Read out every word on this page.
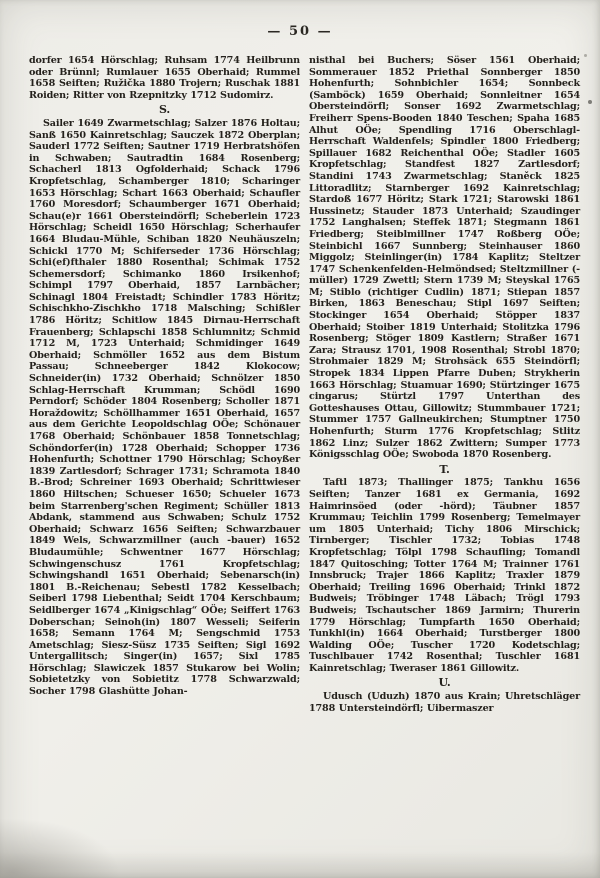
— 50 —

dorfer 1654 Hörschlag; Ruhsam 1774 Heilbrunn oder Brünnl; Rumlauer 1655 Oberhaid; Rummel 1658 Seiften; Ružička 1880 Trojern; Ruschak 1881 Roiden; Ritter von Rzepnitzky 1712 Sudomirz.

S.

Sailer 1649 Zwarmetschlag; Salzer 1876 Holtau; Sanß 1650 Kainretschlag; Sauczek 1872 Oberplan; Sauderl 1772 Seiften; Sautner 1719 Herbratshöfen in Schwaben; Sautradtin 1684 Rosenberg; Schacherl 1813 Ogfolderhaid; Schack 1796 Kropfetschlag, Schamberger 1810; Scharinger 1653 Hörschlag; Schart 1663 Oberhaid; Schaufler 1760 Moresdorf; Schaumberger 1671 Oberhaid; Schau(e)r 1661 Obersteindörfl; Scheberlein 1723 Hörschlag; Scheidl 1650 Hörschlag; Scherhaufer 1664 Bludau-Mühle, Schiban 1820 Neuhäuszeln; Schickl 1770 M; Schiferseder 1736 Hörschlag; Schi(ef)fthaler 1880 Rosenthal; Schimak 1752 Schemersdorf; Schimanko 1860 Irsikenhof; Schimpl 1797 Oberhaid, 1857 Larnbächer; Schinagl 1804 Freistadt; Schindler 1783 Höritz; Schischkho-Zischkho 1718 Malsching; Schißler 1786 Höritz; Schitlow 1845 Dirnau-Herrschaft Frauenberg; Schlapschi 1858 Schlumnitz; Schmid 1712 M, 1723 Unterhaid; Schmidinger 1649 Oberhaid; Schmöller 1652 aus dem Bistum Passau; Schneeberger 1842 Klokocow; Schneider(in) 1732 Oberhaid; Schnölzer 1850 Schlag-Herrschaft Krumman; Schödl 1690 Perndorf; Schöder 1804 Rosenberg; Scholler 1871 Horaždowitz; Schöllhammer 1651 Oberhaid, 1657 aus dem Gerichte Leopoldschlag OÖe; Schönauer 1768 Oberhaid; Schönbauer 1858 Tonnetschlag; Schöndorfer(in) 1728 Oberhaid; Schopper 1736 Hohenfurth; Schottner 1790 Hörschlag; Schoyßer 1839 Zartlesdorf; Schrager 1731; Schramota 1840 B.-Brod; Schreiner 1693 Oberhaid; Schrittwieser 1860 Hiltschen; Schueser 1650; Schueler 1673 beim Starrenberg'schen Regiment; Schüller 1813 Abdank, stammend aus Schwaben; Schulz 1752 Oberhaid; Schwarz 1656 Seiften; Schwarzbauer 1849 Wels, Schwarzmillner (auch -bauer) 1652 Bludaumühle; Schwentner 1677 Hörschlag; Schwingenschusz 1761 Kropfetschlag; Schwingshandl 1651 Oberhaid; Sebenarsch(in) 1801 B.-Reichenau; Sebestl 1782 Kesselbach; Seiberl 1798 Liebenthal; Seidt 1704 Kerschbaum; Seidlberger 1674 „Kinigschlag“ OÖe; Seiffert 1763 Doberschan; Seinoh(in) 1807 Wesseli; Seiferin 1658; Semann 1764 M; Sengschmid 1753 Ametschlag; Siesz-Süsz 1735 Seiften; Sigl 1692 Untergallitsch; Singer(in) 1657; Sixl 1785 Hörschlag; Slawiczek 1857 Stukarow bei Wolin; Sobietetzky von Sobietitz 1778 Schwarzwald; Socher 1798 Glashütte Johan-

nisthal bei Buchers; Söser 1561 Oberhaid; Sommerauer 1852 Priethal Sonnberger 1850 Hohenfurth; Sohnbichler 1654; Sonnbeck (Samböck) 1659 Oberhaid; Sonnleitner 1654 Obersteindörfl; Sonser 1692 Zwarmetschlag; Freiherr Spens-Booden 1840 Teschen; Spaha 1685 Alhut OÖe; Spendling 1716 Oberschlagl-Herrschaft Waldenfels; Spindler 1800 Friedberg; Spillauer 1682 Reichenthal OÖe; Stadler 1605 Kropfetschlag; Standfest 1827 Zartlesdorf; Standini 1743 Zwarmetschlag; Staněck 1825 Littoradlitz; Starnberger 1692 Kainretschlag; Stardoß 1677 Höritz; Stark 1721; Starowski 1861 Hussinetz; Stauder 1873 Unterhaid; Szaudinger 1752 Langhalsen; Steffek 1871; Stegmann 1861 Friedberg; Steiblmillner 1747 Roßberg OÖe; Steinbichl 1667 Sunnberg; Steinhauser 1860 Miggolz; Steinlinger(in) 1784 Kaplitz; Steltzer 1747 Schenkenfelden-Helmöndsed; Steltzmillner (-müller) 1729 Zwettl; Stern 1739 M; Steyskal 1765 M; Stiblo (richtiger Cudlin) 1871; Stiepan 1857 Birken, 1863 Beneschau; Stipl 1697 Seiften; Stockinger 1654 Oberhaid; Stöpper 1837 Oberhaid; Stoiber 1819 Unterhaid; Stolitzka 1796 Rosenberg; Stöger 1809 Kastlern; Straßer 1671 Zara; Strausz 1701, 1908 Rosenthal; Strobl 1870; Strohmaier 1829 M; Strohsäck 655 Steindörfl; Stropek 1834 Lippen Pfarre Duben; Strykherin 1663 Hörschlag; Stuamuar 1690; Stürtzinger 1675 cingarus; Stürtzl 1797 Unterthan des Gotteshauses Ottau, Gillowitz; Stummbauer 1721; Stummer 1757 Gallneukirchen; Stumptner 1750 Hohenfurth; Sturm 1776 Kropfetschlag; Stlitz 1862 Linz; Sulzer 1862 Zwittern; Sumper 1773 Königsschlag OÖe; Swoboda 1870 Rosenberg.

T.

Taftl 1873; Thallinger 1875; Tankhu 1656 Seiften; Tanzer 1681 ex Germania, 1692 Haimrinsöed (oder -hörd); Täubner 1857 Krummau; Teichlin 1799 Rosenberg; Temelmayer um 1805 Unterhaid; Tichy 1806 Mirschick; Tirnberger; Tischler 1732; Tobias 1748 Kropfetschlag; Tölpl 1798 Schaufling; Tomandl 1847 Quitosching; Totter 1764 M; Trainner 1761 Innsbruck; Trajer 1866 Kaplitz; Traxler 1879 Oberhaid; Treiling 1696 Oberhaid; Trinkl 1872 Budweis; Tröbinger 1748 Läbach; Trögl 1793 Budweis; Tschautscher 1869 Jarmirn; Thurerin 1779 Hörschlag; Tumpfarth 1650 Oberhaid; Tunkhl(in) 1664 Oberhaid; Turstberger 1800 Walding OÖe; Tuscher 1720 Kodetschlag; Tuschlbauer 1742 Rosenthal; Tuschler 1681 Kainretschlag; Tweraser 1861 Gillowitz.

U.

Udusch (Uduzh) 1870 aus Krain; Uhretschläger 1788 Untersteindörfl; Uibermaszer
